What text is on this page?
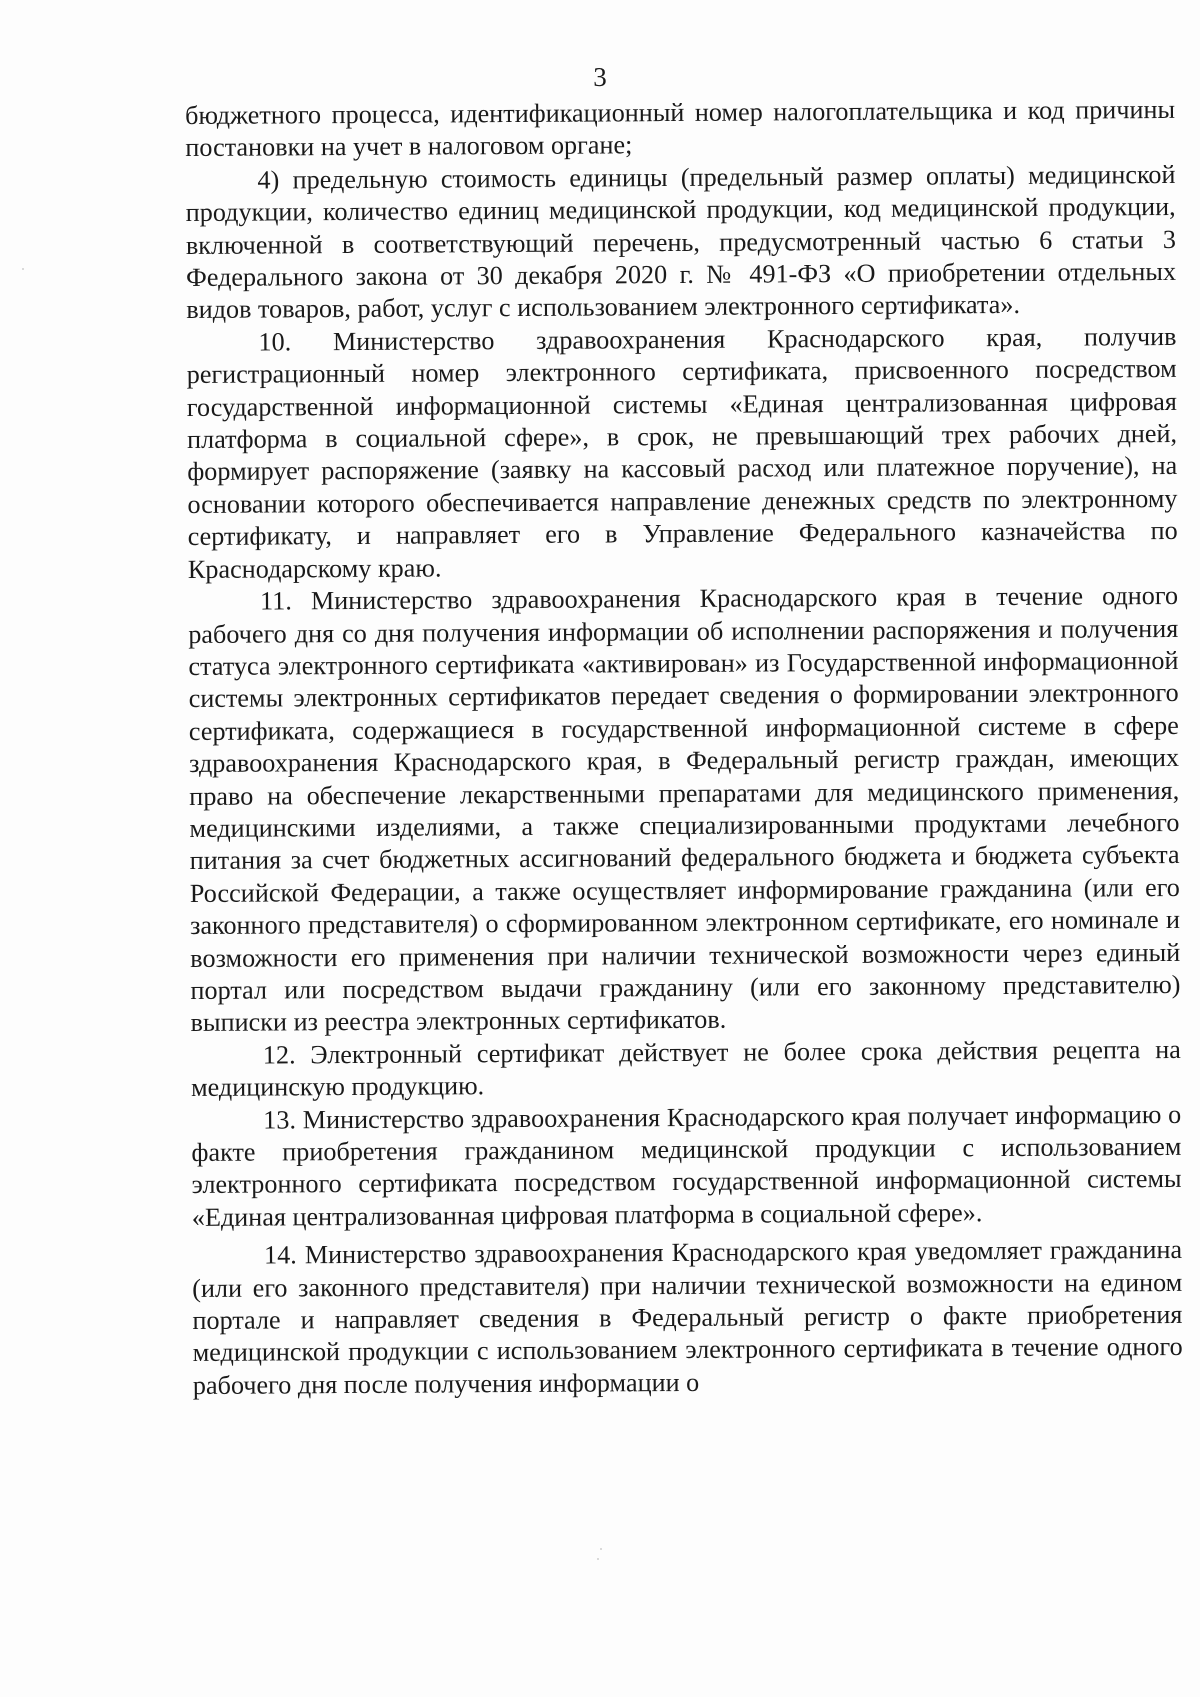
3

бюджетного процесса, идентификационный номер налогоплательщика и код причины постановки на учет в налоговом органе;

4) предельную стоимость единицы (предельный размер оплаты) медицинской продукции, количество единиц медицинской продукции, код медицинской продукции, включенной в соответствующий перечень, предусмотренный частью 6 статьи 3 Федерального закона от 30 декабря 2020 г. № 491-ФЗ «О приобретении отдельных видов товаров, работ, услуг с использованием электронного сертификата».

10. Министерство здравоохранения Краснодарского края, получив регистрационный номер электронного сертификата, присвоенного посредством государственной информационной системы «Единая централизованная цифровая платформа в социальной сфере», в срок, не превышающий трех рабочих дней, формирует распоряжение (заявку на кассовый расход или платежное поручение), на основании которого обеспечивается направление денежных средств по электронному сертификату, и направляет его в Управление Федерального казначейства по Краснодарскому краю.

11. Министерство здравоохранения Краснодарского края в течение одного рабочего дня со дня получения информации об исполнении распоряжения и получения статуса электронного сертификата «активирован» из Государственной информационной системы электронных сертификатов передает сведения о формировании электронного сертификата, содержащиеся в государственной информационной системе в сфере здравоохранения Краснодарского края, в Федеральный регистр граждан, имеющих право на обеспечение лекарственными препаратами для медицинского применения, медицинскими изделиями, а также специализированными продуктами лечебного питания за счет бюджетных ассигнований федерального бюджета и бюджета субъекта Российской Федерации, а также осуществляет информирование гражданина (или его законного представителя) о сформированном электронном сертификате, его номинале и возможности его применения при наличии технической возможности через единый портал или посредством выдачи гражданину (или его законному представителю) выписки из реестра электронных сертификатов.

12. Электронный сертификат действует не более срока действия рецепта на медицинскую продукцию.

13. Министерство здравоохранения Краснодарского края получает информацию о факте приобретения гражданином медицинской продукции с использованием электронного сертификата посредством государственной информационной системы «Единая централизованная цифровая платформа в социальной сфере».

14. Министерство здравоохранения Краснодарского края уведомляет гражданина (или его законного представителя) при наличии технической возможности на едином портале и направляет сведения в Федеральный регистр о факте приобретения медицинской продукции с использованием электронного сертификата в течение одного рабочего дня после получения информации о
